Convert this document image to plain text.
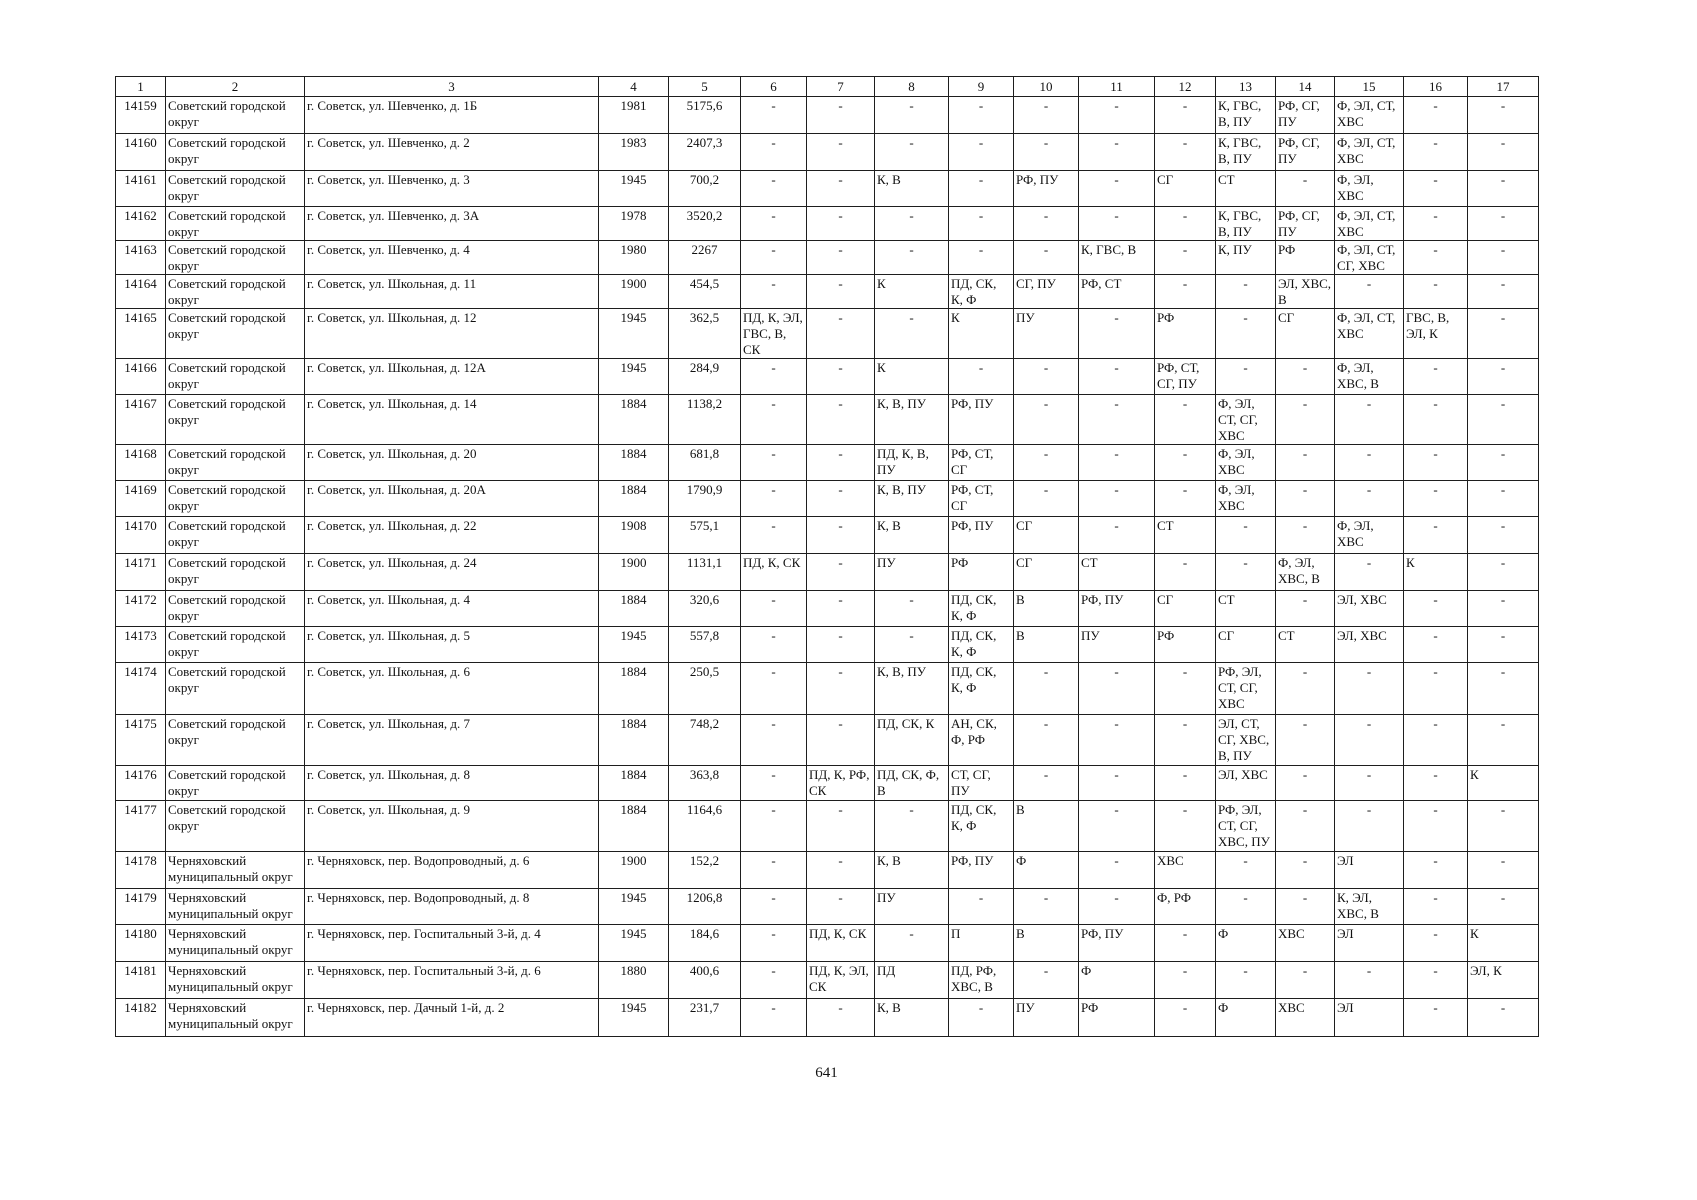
1	2	3	4	5	6	7	8	9	10	11	12	13	14	15	16	17
14159	Советский городской
округ	г. Советск, ул. Шевченко, д. 1Б	1981	5175,6	-	-	-	-	-	-	-	К, ГВС,
В, ПУ	РФ, СГ,
ПУ	Ф, ЭЛ, СТ,
ХВС	-	-
14160	Советский городской
округ	г. Советск, ул. Шевченко, д. 2	1983	2407,3	-	-	-	-	-	-	-	К, ГВС,
В, ПУ	РФ, СГ,
ПУ	Ф, ЭЛ, СТ,
ХВС	-	-
14161	Советский городской
округ	г. Советск, ул. Шевченко, д. 3	1945	700,2	-	-	К, В	-	РФ, ПУ	-	СГ	СТ	-	Ф, ЭЛ,
ХВС	-	-
14162	Советский городской
округ	г. Советск, ул. Шевченко, д. 3А	1978	3520,2	-	-	-	-	-	-	-	К, ГВС,
В, ПУ	РФ, СГ,
ПУ	Ф, ЭЛ, СТ,
ХВС	-	-
14163	Советский городской
округ	г. Советск, ул. Шевченко, д. 4	1980	2267	-	-	-	-	-	К, ГВС, В	-	К, ПУ	РФ	Ф, ЭЛ, СТ,
СГ, ХВС	-	-
14164	Советский городской
округ	г. Советск, ул. Школьная, д. 11	1900	454,5	-	-	К	ПД, СК,
К, Ф	СГ, ПУ	РФ, СТ	-	-	ЭЛ, ХВС,
В	-	-	-
14165	Советский городской
округ	г. Советск, ул. Школьная, д. 12	1945	362,5	ПД, К, ЭЛ,
ГВС, В,
СК	-	-	К	ПУ	-	РФ	-	СГ	Ф, ЭЛ, СТ,
ХВС	ГВС, В,
ЭЛ, К	-
14166	Советский городской
округ	г. Советск, ул. Школьная, д. 12А	1945	284,9	-	-	К	-	-	-	РФ, СТ,
СГ, ПУ	-	-	Ф, ЭЛ,
ХВС, В	-	-
14167	Советский городской
округ	г. Советск, ул. Школьная, д. 14	1884	1138,2	-	-	К, В, ПУ	РФ, ПУ	-	-	-	Ф, ЭЛ,
СТ, СГ,
ХВС	-	-	-	-
14168	Советский городской
округ	г. Советск, ул. Школьная, д. 20	1884	681,8	-	-	ПД, К, В,
ПУ	РФ, СТ,
СГ	-	-	-	Ф, ЭЛ,
ХВС	-	-	-	-
14169	Советский городской
округ	г. Советск, ул. Школьная, д. 20А	1884	1790,9	-	-	К, В, ПУ	РФ, СТ,
СГ	-	-	-	Ф, ЭЛ,
ХВС	-	-	-	-
14170	Советский городской
округ	г. Советск, ул. Школьная, д. 22	1908	575,1	-	-	К, В	РФ, ПУ	СГ	-	СТ	-	-	Ф, ЭЛ,
ХВС	-	-
14171	Советский городской
округ	г. Советск, ул. Школьная, д. 24	1900	1131,1	ПД, К, СК	-	ПУ	РФ	СГ	СТ	-	-	Ф, ЭЛ,
ХВС, В	-	К	-
14172	Советский городской
округ	г. Советск, ул. Школьная, д. 4	1884	320,6	-	-	-	ПД, СК,
К, Ф	В	РФ, ПУ	СГ	СТ	-	ЭЛ, ХВС	-	-
14173	Советский городской
округ	г. Советск, ул. Школьная, д. 5	1945	557,8	-	-	-	ПД, СК,
К, Ф	В	ПУ	РФ	СГ	СТ	ЭЛ, ХВС	-	-
14174	Советский городской
округ	г. Советск, ул. Школьная, д. 6	1884	250,5	-	-	К, В, ПУ	ПД, СК,
К, Ф	-	-	-	РФ, ЭЛ,
СТ, СГ,
ХВС	-	-	-	-
14175	Советский городской
округ	г. Советск, ул. Школьная, д. 7	1884	748,2	-	-	ПД, СК, К	АН, СК,
Ф, РФ	-	-	-	ЭЛ, СТ,
СГ, ХВС,
В, ПУ	-	-	-	-
14176	Советский городской
округ	г. Советск, ул. Школьная, д. 8	1884	363,8	-	ПД, К, РФ,
СК	ПД, СК, Ф,
В	СТ, СГ,
ПУ	-	-	-	ЭЛ, ХВС	-	-	-	К
14177	Советский городской
округ	г. Советск, ул. Школьная, д. 9	1884	1164,6	-	-	-	ПД, СК,
К, Ф	В	-	-	РФ, ЭЛ,
СТ, СГ,
ХВС, ПУ	-	-	-	-
14178	Черняховский
муниципальный округ	г. Черняховск, пер. Водопроводный, д. 6	1900	152,2	-	-	К, В	РФ, ПУ	Ф	-	ХВС	-	-	ЭЛ	-	-
14179	Черняховский
муниципальный округ	г. Черняховск, пер. Водопроводный, д. 8	1945	1206,8	-	-	ПУ	-	-	-	Ф, РФ	-	-	К, ЭЛ,
ХВС, В	-	-
14180	Черняховский
муниципальный округ	г. Черняховск, пер. Госпитальный 3-й, д. 4	1945	184,6	-	ПД, К, СК	-	П	В	РФ, ПУ	-	Ф	ХВС	ЭЛ	-	К
14181	Черняховский
муниципальный округ	г. Черняховск, пер. Госпитальный 3-й, д. 6	1880	400,6	-	ПД, К, ЭЛ,
СК	ПД	ПД, РФ,
ХВС, В	-	Ф	-	-	-	-	-	ЭЛ, К
14182	Черняховский
муниципальный округ	г. Черняховск, пер. Дачный 1-й, д. 2	1945	231,7	-	-	К, В	-	ПУ	РФ	-	Ф	ХВС	ЭЛ	-	-
641
